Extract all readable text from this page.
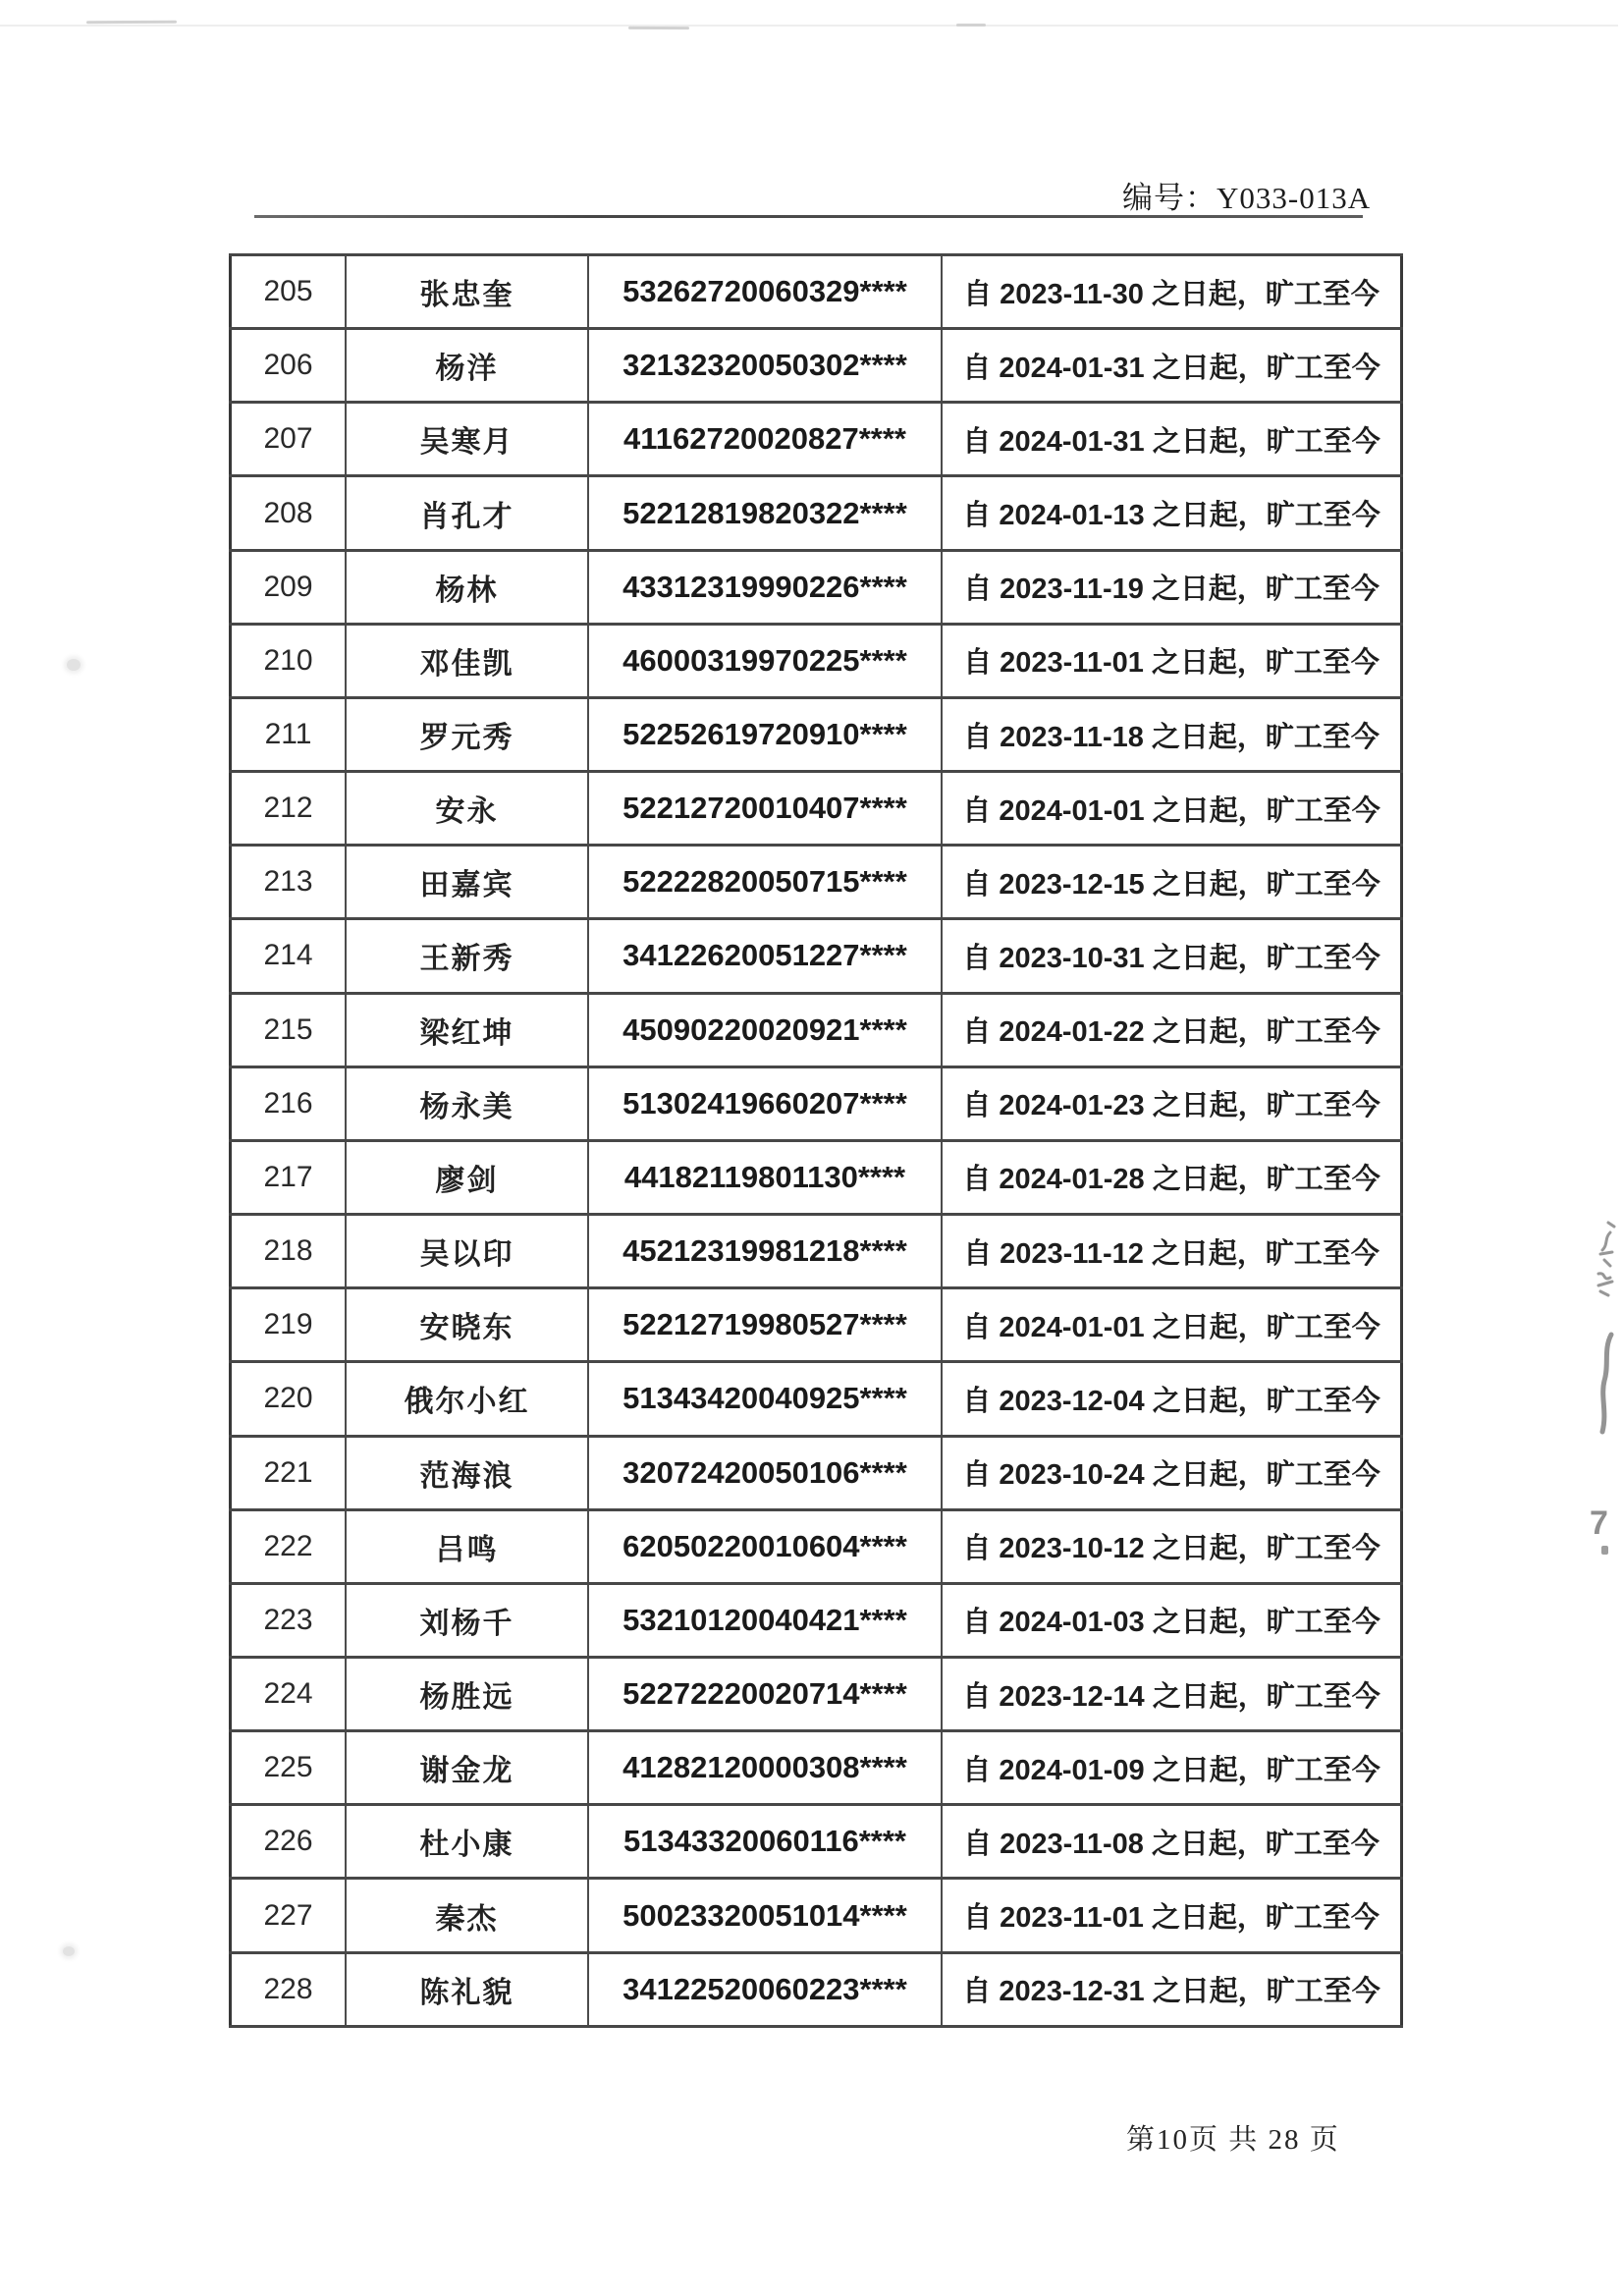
编号：Y033-013A
205	张忠奎	53262720060329****	自 2023-11-30 之日起，旷工至今
206	杨洋	32132320050302****	自 2024-01-31 之日起，旷工至今
207	吴寒月	41162720020827****	自 2024-01-31 之日起，旷工至今
208	肖孔才	52212819820322****	自 2024-01-13 之日起，旷工至今
209	杨林	43312319990226****	自 2023-11-19 之日起，旷工至今
210	邓佳凯	46000319970225****	自 2023-11-01 之日起，旷工至今
211	罗元秀	52252619720910****	自 2023-11-18 之日起，旷工至今
212	安永	52212720010407****	自 2024-01-01 之日起，旷工至今
213	田嘉宾	52222820050715****	自 2023-12-15 之日起，旷工至今
214	王新秀	34122620051227****	自 2023-10-31 之日起，旷工至今
215	梁红坤	45090220020921****	自 2024-01-22 之日起，旷工至今
216	杨永美	51302419660207****	自 2024-01-23 之日起，旷工至今
217	廖剑	44182119801130****	自 2024-01-28 之日起，旷工至今
218	吴以印	45212319981218****	自 2023-11-12 之日起，旷工至今
219	安晓东	52212719980527****	自 2024-01-01 之日起，旷工至今
220	俄尔小红	51343420040925****	自 2023-12-04 之日起，旷工至今
221	范海浪	32072420050106****	自 2023-10-24 之日起，旷工至今
222	吕鸣	62050220010604****	自 2023-10-12 之日起，旷工至今
223	刘杨千	53210120040421****	自 2024-01-03 之日起，旷工至今
224	杨胜远	52272220020714****	自 2023-12-14 之日起，旷工至今
225	谢金龙	41282120000308****	自 2024-01-09 之日起，旷工至今
226	杜小康	51343320060116****	自 2023-11-08 之日起，旷工至今
227	秦杰	50023320051014****	自 2023-11-01 之日起，旷工至今
228	陈礼貌	34122520060223****	自 2023-12-31 之日起，旷工至今
第10页 共 28 页
7
